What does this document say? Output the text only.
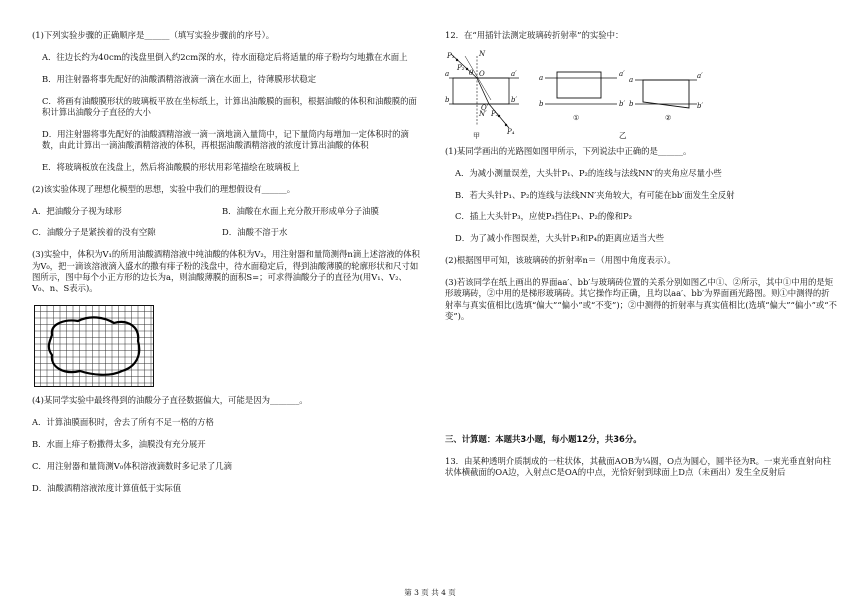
(1)下列实验步骤的正确顺序是______（填写实验步骤前的序号）。

A．往边长约为40cm的浅盘里倒入约2cm深的水，待水面稳定后将适量的痱子粉均匀地撒在水面上

B．用注射器将事先配好的油酸酒精溶液滴一滴在水面上，待薄膜形状稳定

C．将画有油酸膜形状的玻璃板平放在坐标纸上，计算出油酸膜的面积，根据油酸的体积和油酸膜的面积计算出油酸分子直径的大小

D．用注射器将事先配好的油酸酒精溶液一滴一滴地滴入量筒中，记下量筒内每增加一定体积时的滴数，由此计算出一滴油酸酒精溶液的体积，再根据油酸酒精溶液的浓度计算出油酸的体积

E．将玻璃板放在浅盘上，然后将油酸膜的形状用彩笔描绘在玻璃板上

(2)该实验体现了理想化模型的思想，实验中我们的理想假设有______。

A．把油酸分子视为球形	B．油酸在水面上充分散开形成单分子油膜
C．油酸分子是紧挨着的没有空隙	D．油酸不溶于水

(3)实验中，体积为V₁的所用油酸酒精溶液中纯油酸的体积为V₂，用注射器和量筒测得n滴上述溶液的体积为V₀，把一滴该溶液滴入盛水的撒有痱子粉的浅盘中，待水面稳定后，得到油酸薄膜的轮廓形状和尺寸如图所示，图中每个小正方形的边长为a，则油酸薄膜的面积S=；可求得油酸分子的直径为(用V₁、V₂、V₀、n、S表示)。

(4)某同学实验中最终得到的油酸分子直径数据偏大，可能是因为_______。

A．计算油膜面积时，舍去了所有不足一格的方格

B．水面上痱子粉撒得太多，油膜没有充分展开

C．用注射器和量筒测V₀体积溶液滴数时多记录了几滴

D．油酸酒精溶液浓度计算值低于实际值

12．在“用插针法测定玻璃砖折射率”的实验中：

N
N′
P₁
P₂
P₃
P₄
O
O′
θ
a	a′
b	b′
甲
a	a′
b	b′
①
a	a′
b	b′
②
乙

(1)某同学画出的光路图如图甲所示，下列说法中正确的是______。

A．为减小测量误差，大头针P₁、P₂的连线与法线NN′的夹角应尽量小些

B．若大头针P₁、P₂的连线与法线NN′夹角较大，有可能在bb′面发生全反射

C．插上大头针P₃，应使P₃挡住P₁、P₂的像和P₂

D．为了减小作图误差，大头针P₃和P₄的距离应适当大些

(2)根据图甲可知，该玻璃砖的折射率n＝（用图中角度表示）。

(3)若该同学在纸上画出的界面aa′、bb′与玻璃砖位置的关系分别如图乙中①、②所示，其中①中用的是矩形玻璃砖，②中用的是梯形玻璃砖。其它操作均正确，且均以aa′、bb′为界面画光路图。则①中测得的折射率与真实值相比(选填“偏大”“偏小”或“不变”)；②中测得的折射率与真实值相比(选填“偏大”“偏小”或“不变”)。

三、计算题：本题共3小题，每小题12分，共36分。

13．由某种透明介质制成的一柱状体，其截面AOB为¼圆，O点为圆心，圆半径为R。一束光垂直射向柱状体横截面的OA边，入射点C是OA的中点，光恰好射到球面上D点（未画出）发生全反射后

第 3 页 共 4 页
